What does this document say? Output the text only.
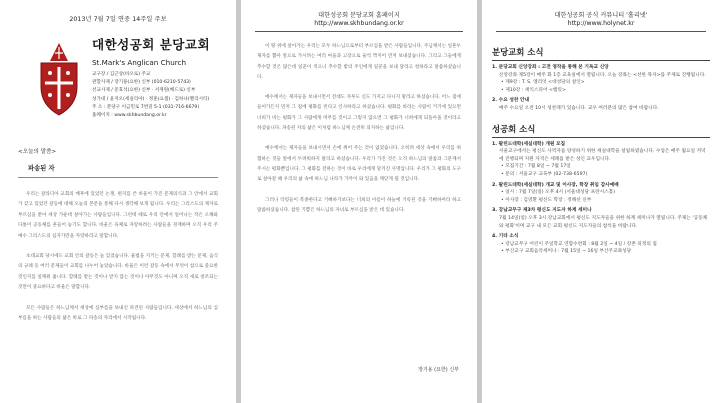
2013년 7월 7일 연중 14주일 주보
대한성공회 분당교회
St.Mark's Anglican Church
교구장 / 김근상(바오로) 주교
관할사제 / 장기용(요한) 신부 (010-6210-5743)
선교사제 / 문효석(요한) 신부 · 서재원(베드로) 신부
성가대 / 윤지오(세실리아) · 정훈(요셉) · 김하나(펠리시티)
주 소 : 분당구 이금민로 7번길 5-1 (031-716-6679)
홈페이지 : www.skhbundang.or.kr
<오늘의 말씀>
파송된 자

우리는 갈라디아 교회의 배후에 있었던 논쟁, 편지를 쓴 바울이 가진 문제의식과 그 안에서 교회가 갖고 있었던 갈등에 대해 오늘의 본문을 통해 다시 생각해 보게 됩니다. 우리는 그리스도의 제자로 부르심을 받아 세상 가운데 살아가는 사람들입니다. 그런데 때로 우리 안에서 일어나는 작은 오해와 다툼이 공동체를 흔들어 놓기도 합니다. 바울은 육체로 자랑하려는 사람들을 경계하며 오직 우리 주 예수 그리스도의 십자가만을 자랑하라고 말합니다.

초대교회 당시에도 교회 안의 갈등은 늘 있었습니다. 율법을 지키는 문제, 할례를 받는 문제, 음식의 규례 등 여러 문제들이 교회를 나누어 놓았습니다. 바울은 이런 갈등 속에서 무엇이 참으로 중요한 것인지를 일깨워 줍니다. 할례를 받는 것이나 받지 않는 것이나 아무것도 아니며 오직 새로 창조되는 것만이 중요하다고 바울은 말합니다.

모든 사람들은 하느님께서 세상에 심부름을 보내신 파견된 사람들입니다. 세상에서 하느님의 심부름을 하는 사람들의 삶은 바로 그 파송의 자리에서 시작됩니다.

대한성공회 분당교회 홈페이지
http://www.skhbundang.or.kr

이 땅 위에 살아가는 우리는 모두 하느님으로부터 부르심을 받은 사람들입니다. 주님께서는 일흔두 제자를 뽑아 앞으로 가시려는 여러 마을과 고장으로 둘씩 짝지어 먼저 보내셨습니다. 그리고 그들에게 추수할 것은 많은데 일꾼이 적으니 추수할 밭의 주인에게 일꾼을 보내 달라고 청하라고 말씀하셨습니다.

예수께서는 제자들을 보내시면서 전대도 자루도 신도 가지고 다니지 말라고 하셨습니다. 어느 집에 들어가든지 먼저 그 집에 평화를 빈다고 인사하라고 하셨습니다. 평화를 바라는 사람이 거기에 있으면 너희가 비는 평화가 그 사람에게 머무를 것이고 그렇지 않으면 그 평화가 너희에게 되돌아올 것이라고 하셨습니다. 파송된 자의 삶은 이처럼 하느님께 온전히 의지하는 삶입니다.

예수께서는 제자들을 보내시면서 손에 쥐어 주는 것이 없었습니다. 오히려 세상 속에서 우리를 위협하는 것들 앞에서 두려워하지 말라고 하셨습니다. 우리가 가진 것은 오직 하느님의 말씀과 그분께서 주시는 평화뿐입니다. 그 평화를 전하는 것이 바로 우리에게 맡겨진 사명입니다. 우리가 그 평화의 도구로 살아갈 때 우리의 삶 속에 하느님 나라가 가까이 와 있음을 깨닫게 될 것입니다.

그러나 악령들이 복종한다고 기뻐하기보다는 너희의 이름이 하늘에 기록된 것을 기뻐하여라 하고 말씀하셨습니다. 참된 기쁨은 하느님의 자녀로 부르심을 받은 데 있습니다.

장기용 (요한) 신부
대한성공회 공식 커뮤니티 '홀리넷'
http://www.holynet.kr
분당교회 소식
1. 분당교회 신앙강좌 : 고전 영작을 통해 본 기독교 신앙
신앙강좌 제5강이 매주 화 1층 교육실에서 열립니다. 오늘 강좌는 <선한 목자>를 주제로 진행됩니다.
• 제9강 : T. S. 엘리엇 <대성당의 살인>
• 제10강 : 셰익스피어 <햄릿>
2. 수요 성찬 안내
매주 수요일 오전 10시 성찬례가 있습니다. 교우 여러분의 많은 참여 바랍니다.
성공회 소식
1. 팔린드대학(세실대학) 개원 모집
서울교구에서는 평신도 사역자를 양성하기 위한 세실대학을 설립하였습니다. 수업은 매주 월요일 저녁에 진행되며 지원 자격은 세례를 받은 성인 교우입니다.
• 모집기간 : 7월 8일 ~ 7월 17일
• 문의 : 서울교구 교육부 (02-738-6597)
2. 팔린드대학(세실대학) 개교 및 이사장, 학장 취임 감사예배
• 일시 : 7월 7일(일) 오후 4시 (서울대성당 프란시스홀)
• 이사장 : 김영환 평신도 학장 : 정해선 신부
3. 강남교무구 제3차 평신도 지도자 하계 세미나
7월 14일(일) 오후 3시 강남교회에서 평신도 지도자들을 위한 하계 세미나가 열립니다. 주제는 '공동체와 평화'이며 교구 내 모든 교회 평신도 지도자들의 참석을 바랍니다.
4. 기타 소식
• 강남교무구 어린이 주일학교 연합수련회 : 8월 2일 ~ 4일 / 강촌 피정의 집
• 부산교구 교회음악세미나 : 7월 15일 ~ 16일 부산주교좌성당
